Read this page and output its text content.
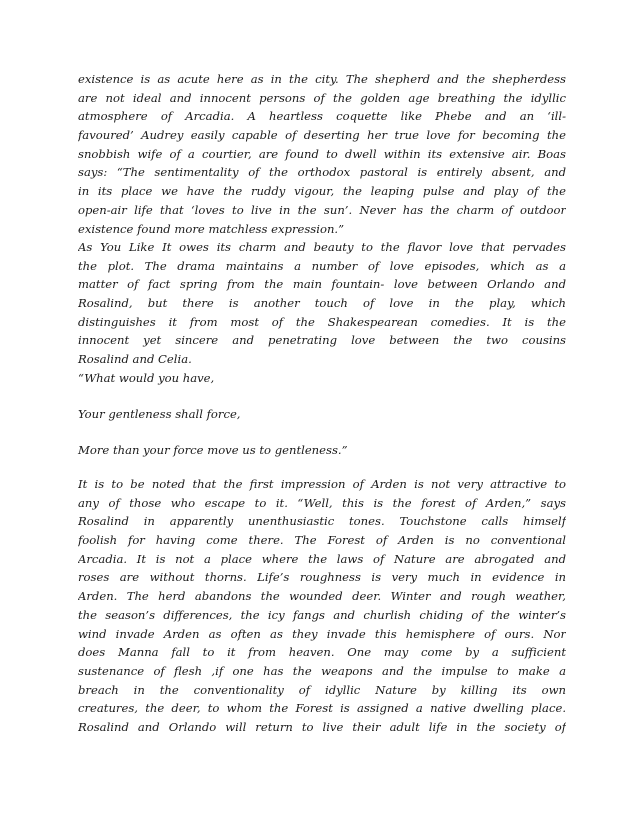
existence is as acute here as in the city. The shepherd and the shepherdess
are not ideal and innocent persons of the golden age breathing the idyllic
atmosphere of Arcadia. A heartless coquette like Phebe and an ‘ill-
favoured’ Audrey easily capable of deserting her true love for becoming the
snobbish wife of a courtier, are found to dwell within its extensive air. Boas
says: “The sentimentality of the orthodox pastoral is entirely absent, and
in its place we have the ruddy vigour, the leaping pulse and play of the
open-air life that ‘loves to live in the sun’. Never has the charm of outdoor
existence found more matchless expression.”
As You Like It owes its charm and beauty to the flavor love that pervades
the plot. The drama maintains a number of love episodes, which as a
matter of fact spring from the main fountain- love between Orlando and
Rosalind, but there is another touch of love in the play, which
distinguishes it from most of the Shakespearean comedies. It is the
innocent yet sincere and penetrating love between the two cousins
Rosalind and Celia.
“What would you have,
Your gentleness shall force,
More than your force move us to gentleness.”
It is to be noted that the first impression of Arden is not very attractive to
any of those who escape to it. “Well, this is the forest of Arden,” says
Rosalind in apparently unenthusiastic tones. Touchstone calls himself
foolish for having come there. The Forest of Arden is no conventional
Arcadia. It is not a place where the laws of Nature are abrogated and
roses are without thorns. Life’s roughness is very much in evidence in
Arden. The herd abandons the wounded deer. Winter and rough weather,
the season’s differences, the icy fangs and churlish chiding of the winter’s
wind invade Arden as often as they invade this hemisphere of ours. Nor
does Manna fall to it from heaven. One may come by a sufficient
sustenance of flesh ,if one has the weapons and the impulse to make a
breach in the conventionality of idyllic Nature by killing its own
creatures, the deer, to whom the Forest is assigned a native dwelling place.
Rosalind and Orlando will return to live their adult life in the society of
